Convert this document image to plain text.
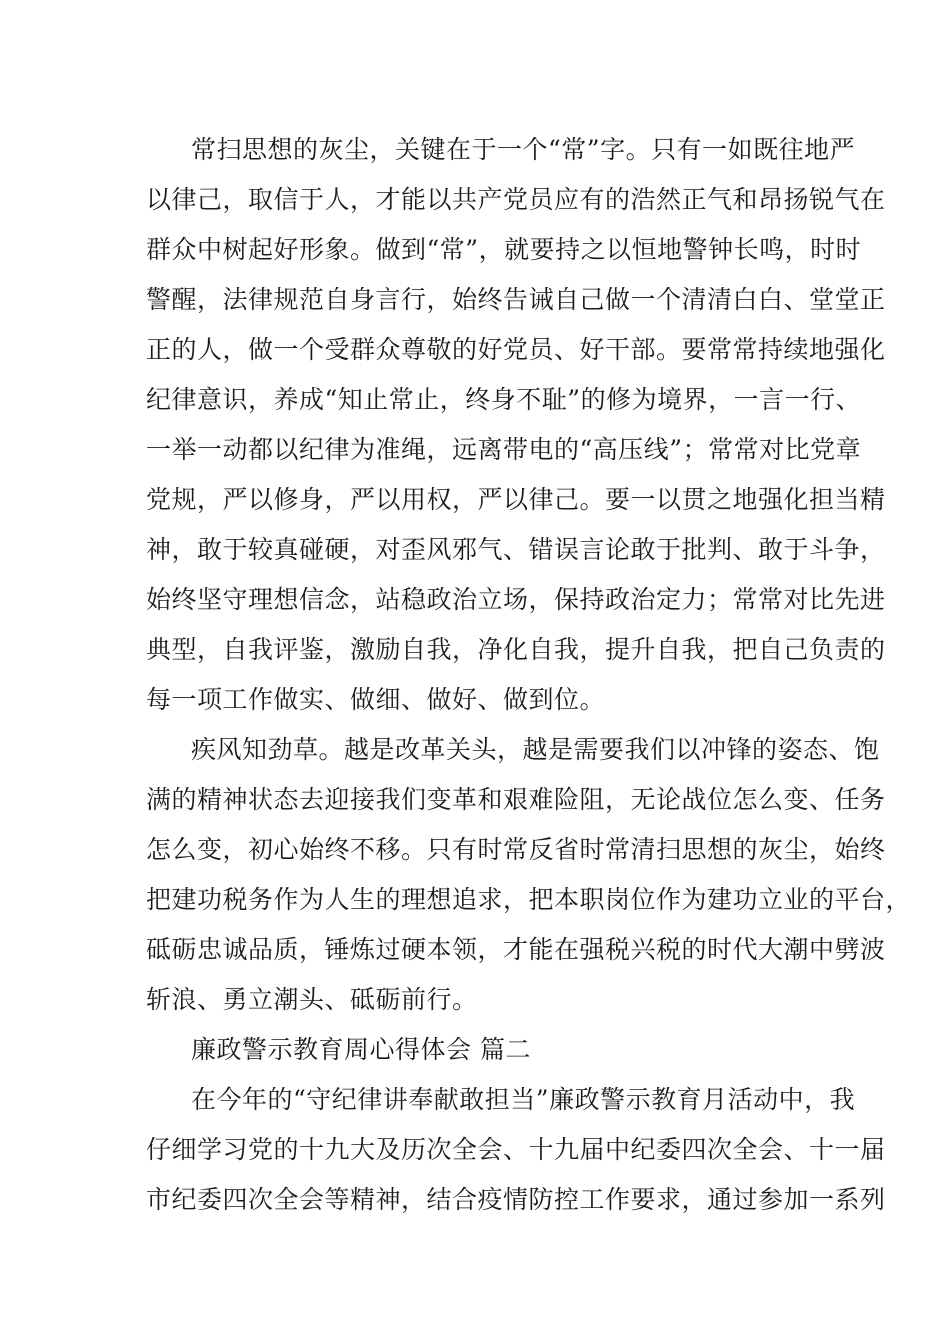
常扫思想的灰尘，关键在于一个“常”字。只有一如既往地严
以律己，取信于人，才能以共产党员应有的浩然正气和昂扬锐气在
群众中树起好形象。做到“常”，就要持之以恒地警钟长鸣，时时
警醒，法律规范自身言行，始终告诫自己做一个清清白白、堂堂正
正的人，做一个受群众尊敬的好党员、好干部。要常常持续地强化
纪律意识，养成“知止常止，终身不耻”的修为境界，一言一行、
一举一动都以纪律为准绳，远离带电的“高压线”；常常对比党章
党规，严以修身，严以用权，严以律己。要一以贯之地强化担当精
神，敢于较真碰硬，对歪风邪气、错误言论敢于批判、敢于斗争，
始终坚守理想信念，站稳政治立场，保持政治定力；常常对比先进
典型，自我评鉴，激励自我，净化自我，提升自我，把自己负责的
每一项工作做实、做细、做好、做到位。
疾风知劲草。越是改革关头，越是需要我们以冲锋的姿态、饱
满的精神状态去迎接我们变革和艰难险阻，无论战位怎么变、任务
怎么变，初心始终不移。只有时常反省时常清扫思想的灰尘，始终
把建功税务作为人生的理想追求，把本职岗位作为建功立业的平台，
砥砺忠诚品质，锤炼过硬本领，才能在强税兴税的时代大潮中劈波
斩浪、勇立潮头、砥砺前行。
廉政警示教育周心得体会 篇二
在今年的“守纪律讲奉献敢担当”廉政警示教育月活动中，我
仔细学习党的十九大及历次全会、十九届中纪委四次全会、十一届
市纪委四次全会等精神，结合疫情防控工作要求，通过参加一系列
